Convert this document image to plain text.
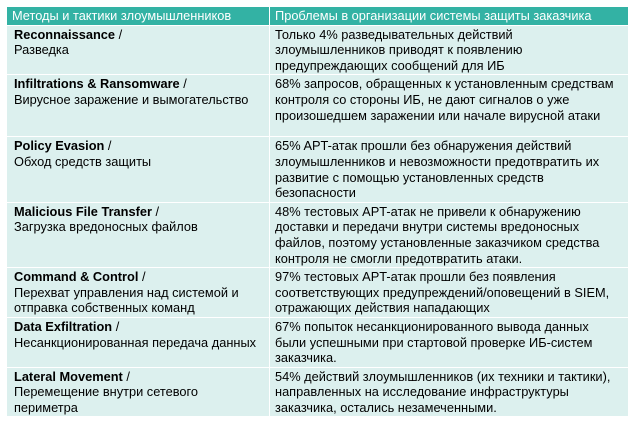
Методы и тактики злоумышленников	Проблемы в организации системы защиты заказчика
Reconnaissance /
Разведка	Только 4% разведывательных действий злоумышленников приводят к появлению предупреждающих сообщений для ИБ
Infiltrations & Ransomware /
Вирусное заражение и вымогательство	68% запросов, обращенных к установленным средствам контроля со стороны ИБ, не дают сигналов о уже произошедшем заражении или начале вирусной атаки
Policy Evasion /
Обход средств защиты	65% APT-атак прошли без обнаружения действий злоумышленников и невозможности предотвратить их развитие с помощью установленных средств безопасности
Malicious File Transfer /
Загрузка вредоносных файлов	48% тестовых APT-атак не привели к обнаружению доставки и передачи внутри системы вредоносных файлов, поэтому установленные заказчиком средства контроля не смогли предотвратить атаки.
Command & Control /
Перехват управления над системой и отправка собственных команд	97% тестовых APT-атак прошли без появления соответствующих предупреждений/оповещений в SIEM, отражающих действия нападающих
Data Exfiltration /
Несанкционированная передача данных	67% попыток несанкционированного вывода данных были успешными при стартовой проверке ИБ-систем заказчика.
Lateral Movement /
Перемещение внутри сетевого периметра	54% действий злоумышленников (их техники и тактики), направленных на исследование инфраструктуры заказчика, остались незамеченными.
